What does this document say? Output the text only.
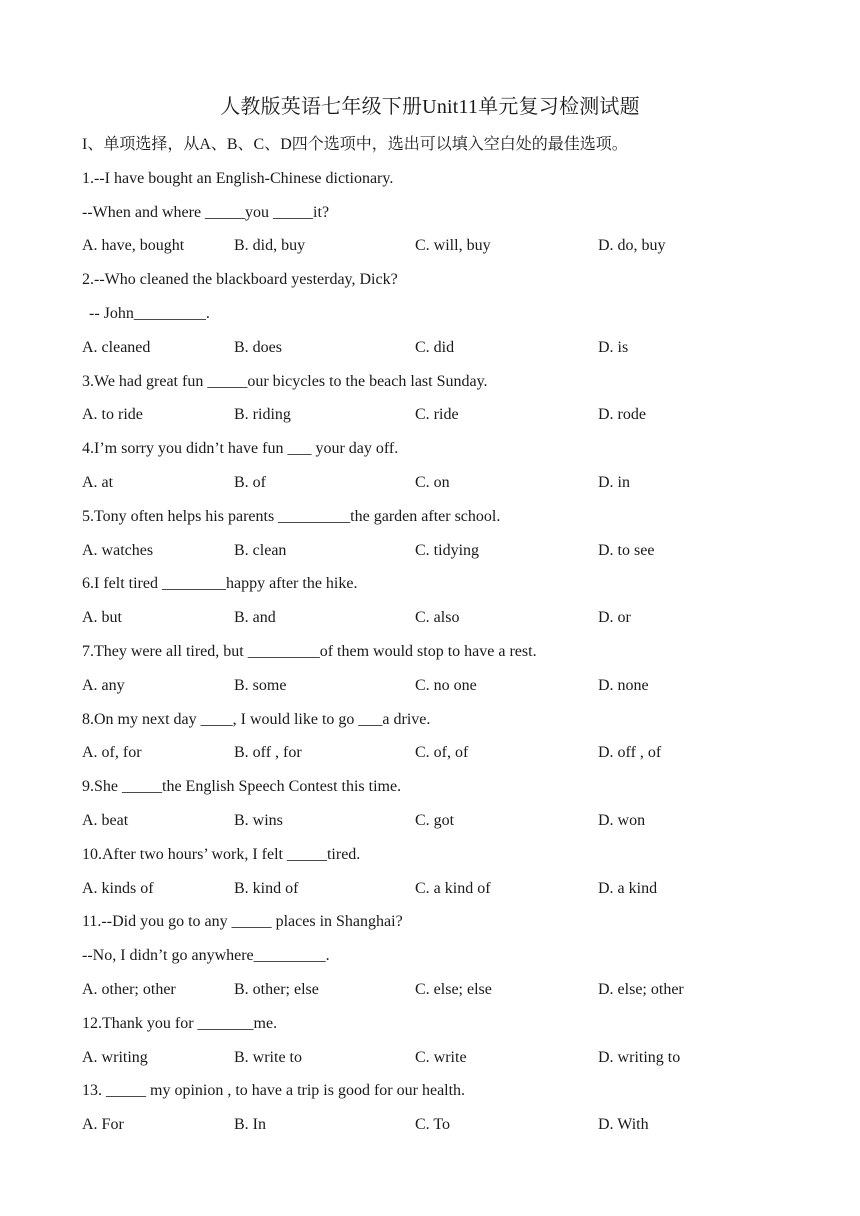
人教版英语七年级下册Unit11单元复习检测试题
I、单项选择，从A、B、C、D四个选项中，选出可以填入空白处的最佳选项。
1.--I have bought an English-Chinese dictionary.
--When and where _____you _____it?
A. have, bought	B. did, buy	C. will, buy	D. do, buy
2.--Who cleaned the blackboard yesterday, Dick?
-- John_________.
A. cleaned	B. does	C. did	D. is
3.We had great fun _____our bicycles to the beach last Sunday.
A. to ride	B. riding	C. ride	D. rode
4.I’m sorry you didn’t have fun ___ your day off.
A. at	B. of	C. on	D. in
5.Tony often helps his parents _________the garden after school.
A. watches	B. clean	C. tidying	D. to see
6.I felt tired ________happy after the hike.
A. but	B. and	C. also	D. or
7.They were all tired, but _________of them would stop to have a rest.
A. any	B. some	C. no one	D. none
8.On my next day ____, I would like to go ___a drive.
A. of, for	B. off , for	C. of, of	D. off , of
9.She _____the English Speech Contest this time.
A. beat	B. wins	C. got	D. won
10.After two hours’ work, I felt _____tired.
A. kinds of	B. kind of	C. a kind of	D. a kind
11.--Did you go to any _____ places in Shanghai?
--No, I didn’t go anywhere_________.
A. other; other	B. other; else	C. else; else	D. else; other
12.Thank you for _______me.
A. writing	B. write to	C. write	D. writing to
13. _____ my opinion , to have a trip is good for our health.
A. For	B. In	C. To	D. With
